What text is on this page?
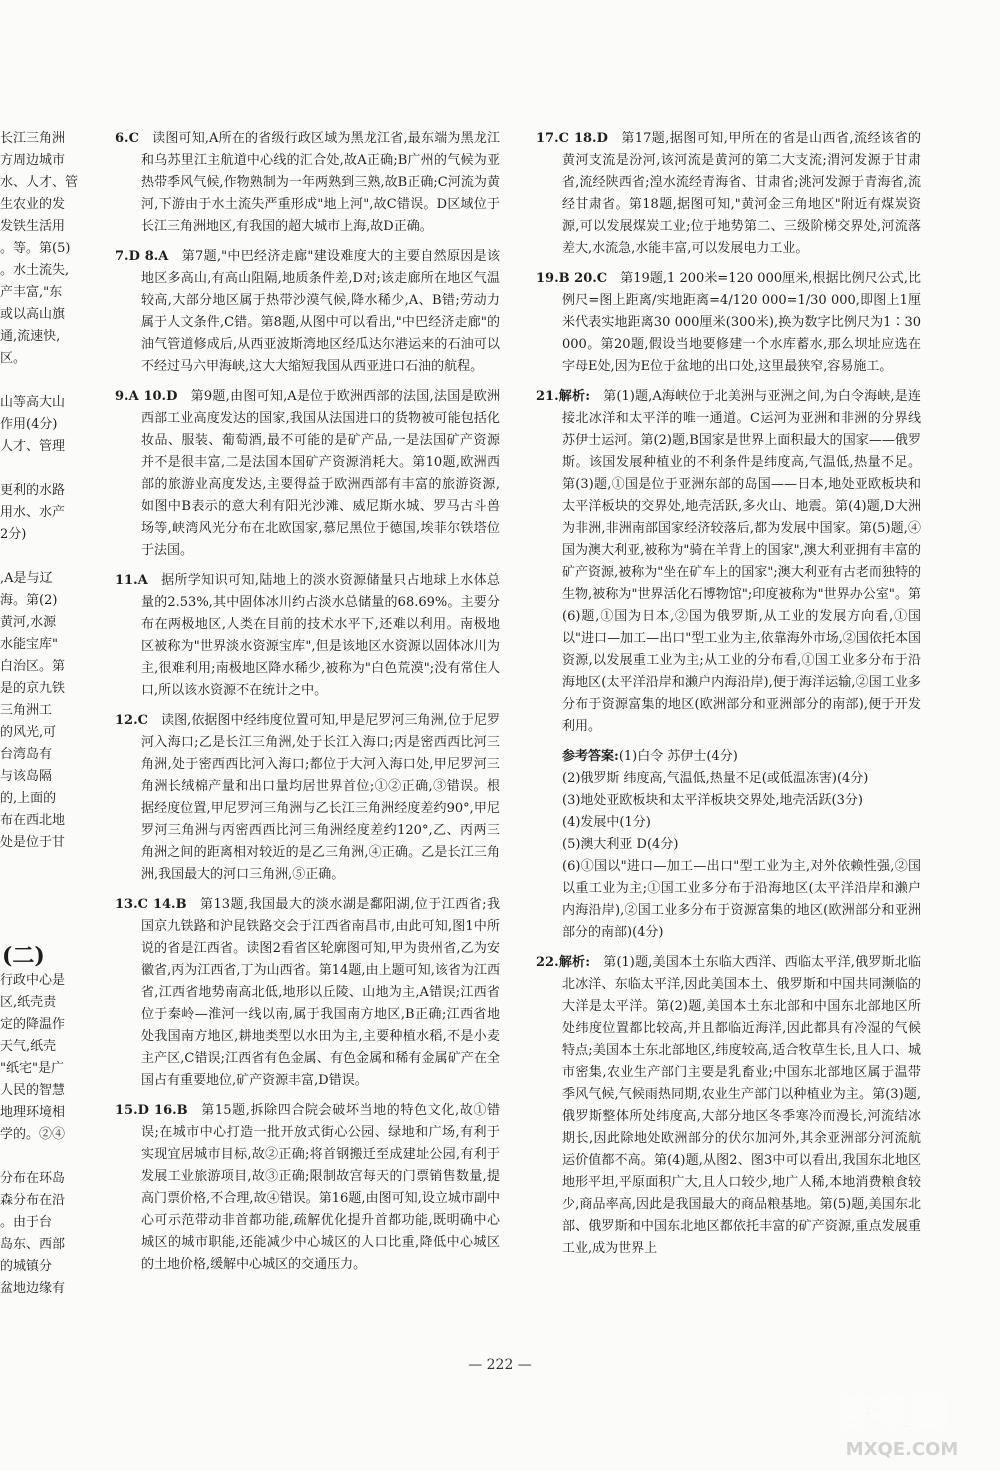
长江三角洲
方周边城市
水、人才、管
生农业的发
发铁生活用
。等。第(5)
。水土流失,
产丰富,"东
或以高山旗
通,流速快,
区。
山等高大山
作用(4分)
人才、管理
更利的水路
用水、水产
2分)
,A是与辽
海。第(2)
黄河,水源
水能宝库"
白治区。第
是的京九铁
三角洲工
的风光,可
台湾岛有
与该岛隔
的,上面的
布在西北地
处是位于甘
(二)
行政中心是
区,纸壳责
定的降温作
天气,纸壳
"纸宅"是广
人民的智慧
地理环境相
学的。②④
分布在环岛
森分布在沿
。由于台
岛东、西部
的城镇分
盆地边缘有
6.C 读图可知,A所在的省级行政区域为黑龙江省,最东端为黑龙江和乌苏里江主航道中心线的汇合处,故A正确;B广州的气候为亚热带季风气候,作物熟制为一年两熟到三熟,故B正确;C河流为黄河,下游由于水土流失严重形成"地上河",故C错误。D区域位于长江三角洲地区,有我国的超大城市上海,故D正确。
7.D 8.A 第7题,"中巴经济走廊"建设难度大的主要自然原因是该地区多高山,有高山阻隔,地质条件差,D对;该走廊所在地区气温较高,大部分地区属于热带沙漠气候,降水稀少,A、B错;劳动力属于人文条件,C错。第8题,从图中可以看出,"中巴经济走廊"的油气管道修成后,从西亚波斯湾地区经瓜达尔港运来的石油可以不经过马六甲海峡,这大大缩短我国从西亚进口石油的航程。
9.A 10.D 第9题,由图可知,A是位于欧洲西部的法国,法国是欧洲西部工业高度发达的国家,我国从法国进口的货物被可能包括化妆品、服装、葡萄酒,最不可能的是矿产品,一是法国矿产资源并不是很丰富,二是法国本国矿产资源消耗大。第10题,欧洲西部的旅游业高度发达,主要得益于欧洲西部有丰富的旅游资源,如图中B表示的意大利有阳光沙滩、威尼斯水城、罗马古斗兽场等,峡湾风光分布在北欧国家,慕尼黑位于德国,埃菲尔铁塔位于法国。
11.A 据所学知识可知,陆地上的淡水资源储量只占地球上水体总量的2.53%,其中固体冰川约占淡水总储量的68.69%。主要分布在两极地区,人类在目前的技术水平下,还难以利用。南极地区被称为"世界淡水资源宝库",但是该地区水资源以固体冰川为主,很难利用;南极地区降水稀少,被称为"白色荒漠";没有常住人口,所以该水资源不在统计之中。
12.C 读图,依据图中经纬度位置可知,甲是尼罗河三角洲,位于尼罗河入海口;乙是长江三角洲,处于长江入海口;丙是密西西比河三角洲,处于密西西比河入海口;都位于大河入海口处,甲尼罗河三角洲长绒棉产量和出口量均居世界首位;①②正确,③错误。根据经度位置,甲尼罗河三角洲与乙长江三角洲经度差约90°,甲尼罗河三角洲与丙密西西比河三角洲经度差约120°,乙、丙两三角洲之间的距离相对较近的是乙三角洲,④正确。乙是长江三角洲,我国最大的河口三角洲,⑤正确。
13.C 14.B 第13题,我国最大的淡水湖是鄱阳湖,位于江西省;我国京九铁路和沪昆铁路交会于江西省南昌市,由此可知,图1中所说的省是江西省。读图2看省区轮廓图可知,甲为贵州省,乙为安徽省,丙为江西省,丁为山西省。第14题,由上题可知,该省为江西省,江西省地势南高北低,地形以丘陵、山地为主,A错误;江西省位于秦岭—淮河一线以南,属于我国南方地区,B正确;江西省地处我国南方地区,耕地类型以水田为主,主要种植水稻,不是小麦主产区,C错误;江西省有色金属、有色金属和稀有金属矿产在全国占有重要地位,矿产资源丰富,D错误。
15.D 16.B 第15题,拆除四合院会破坏当地的特色文化,故①错误;在城市中心打造一批开放式街心公园、绿地和广场,有利于实现宜居城市目标,故②正确;将首钢搬迁至成建址公园,有利于发展工业旅游项目,故③正确;限制故宫每天的门票销售数量,提高门票价格,不合理,故④错误。第16题,由图可知,设立城市副中心可示范带动非首都功能,疏解优化提升首都功能,既明确中心城区的城市职能,还能减少中心城区的人口比重,降低中心城区的土地价格,缓解中心城区的交通压力。
17.C 18.D 第17题,据图可知,甲所在的省是山西省,流经该省的黄河支流是汾河,该河流是黄河的第二大支流;渭河发源于甘肃省,流经陕西省;湟水流经青海省、甘肃省;洮河发源于青海省,流经甘肃省。第18题,据图可知,"黄河金三角地区"附近有煤炭资源,可以发展煤炭工业;位于地势第二、三级阶梯交界处,河流落差大,水流急,水能丰富,可以发展电力工业。
19.B 20.C 第19题,1 200米=120 000厘米,根据比例尺公式,比例尺=图上距离/实地距离=4/120 000=1/30 000,即图上1厘米代表实地距离30 000厘米(300米),换为数字比例尺为1∶30 000。第20题,假设当地要修建一个水库蓄水,那么坝址应选在字母E处,因为E位于盆地的出口处,这里最狭窄,容易施工。
21.解析: 第(1)题,A海峡位于北美洲与亚洲之间,为白令海峡,是连接北冰洋和太平洋的唯一通道。C运河为亚洲和非洲的分界线苏伊士运河。第(2)题,B国家是世界上面积最大的国家——俄罗斯。该国发展种植业的不利条件是纬度高,气温低,热量不足。第(3)题,①国是位于亚洲东部的岛国——日本,地处亚欧板块和太平洋板块的交界处,地壳活跃,多火山、地震。第(4)题,D大洲为非洲,非洲南部国家经济较落后,都为发展中国家。第(5)题,④国为澳大利亚,被称为"骑在羊背上的国家",澳大利亚拥有丰富的矿产资源,被称为"坐在矿车上的国家";澳大利亚有古老而独特的生物,被称为"世界活化石博物馆";印度被称为"世界办公室"。第(6)题,①国为日本,②国为俄罗斯,从工业的发展方向看,①国以"进口—加工—出口"型工业为主,依靠海外市场,②国依托本国资源,以发展重工业为主;从工业的分布看,①国工业多分布于沿海地区(太平洋沿岸和濑户内海沿岸),便于海洋运输,②国工业多分布于资源富集的地区(欧洲部分和亚洲部分的南部),便于开发利用。

参考答案:(1)白令 苏伊士(4分)

(2)俄罗斯 纬度高,气温低,热量不足(或低温冻害)(4分)

(3)地处亚欧板块和太平洋板块交界处,地壳活跃(3分)

(4)发展中(1分)

(5)澳大利亚 D(4分)

(6)①国以"进口—加工—出口"型工业为主,对外依赖性强,②国以重工业为主;①国工业多分布于沿海地区(太平洋沿岸和濑户内海沿岸),②国工业多分布于资源富集的地区(欧洲部分和亚洲部分的南部)(4分)

22.解析: 第(1)题,美国本土东临大西洋、西临太平洋,俄罗斯北临北冰洋、东临太平洋,因此美国本土、俄罗斯和中国共同濒临的大洋是太平洋。第(2)题,美国本土东北部和中国东北部地区所处纬度位置都比较高,并且都临近海洋,因此都具有冷湿的气候特点;美国本土东北部地区,纬度较高,适合牧草生长,且人口、城市密集,农业生产部门主要是乳畜业;中国东北部地区属于温带季风气候,气候雨热同期,农业生产部门以种植业为主。第(3)题,俄罗斯整体所处纬度高,大部分地区冬季寒冷而漫长,河流结冰期长,因此除地处欧洲部分的伏尔加河外,其余亚洲部分河流航运价值都不高。第(4)题,从图2、图3中可以看出,我国东北地区地形平坦,平原面积广大,且人口较少,地广人稀,本地消费粮食较少,商品率高,因此是我国最大的商品粮基地。第(5)题,美国东北部、俄罗斯和中国东北地区都依托丰富的矿产资源,重点发展重工业,成为世界上
— 222 —
答案圈
MXQE.COM
